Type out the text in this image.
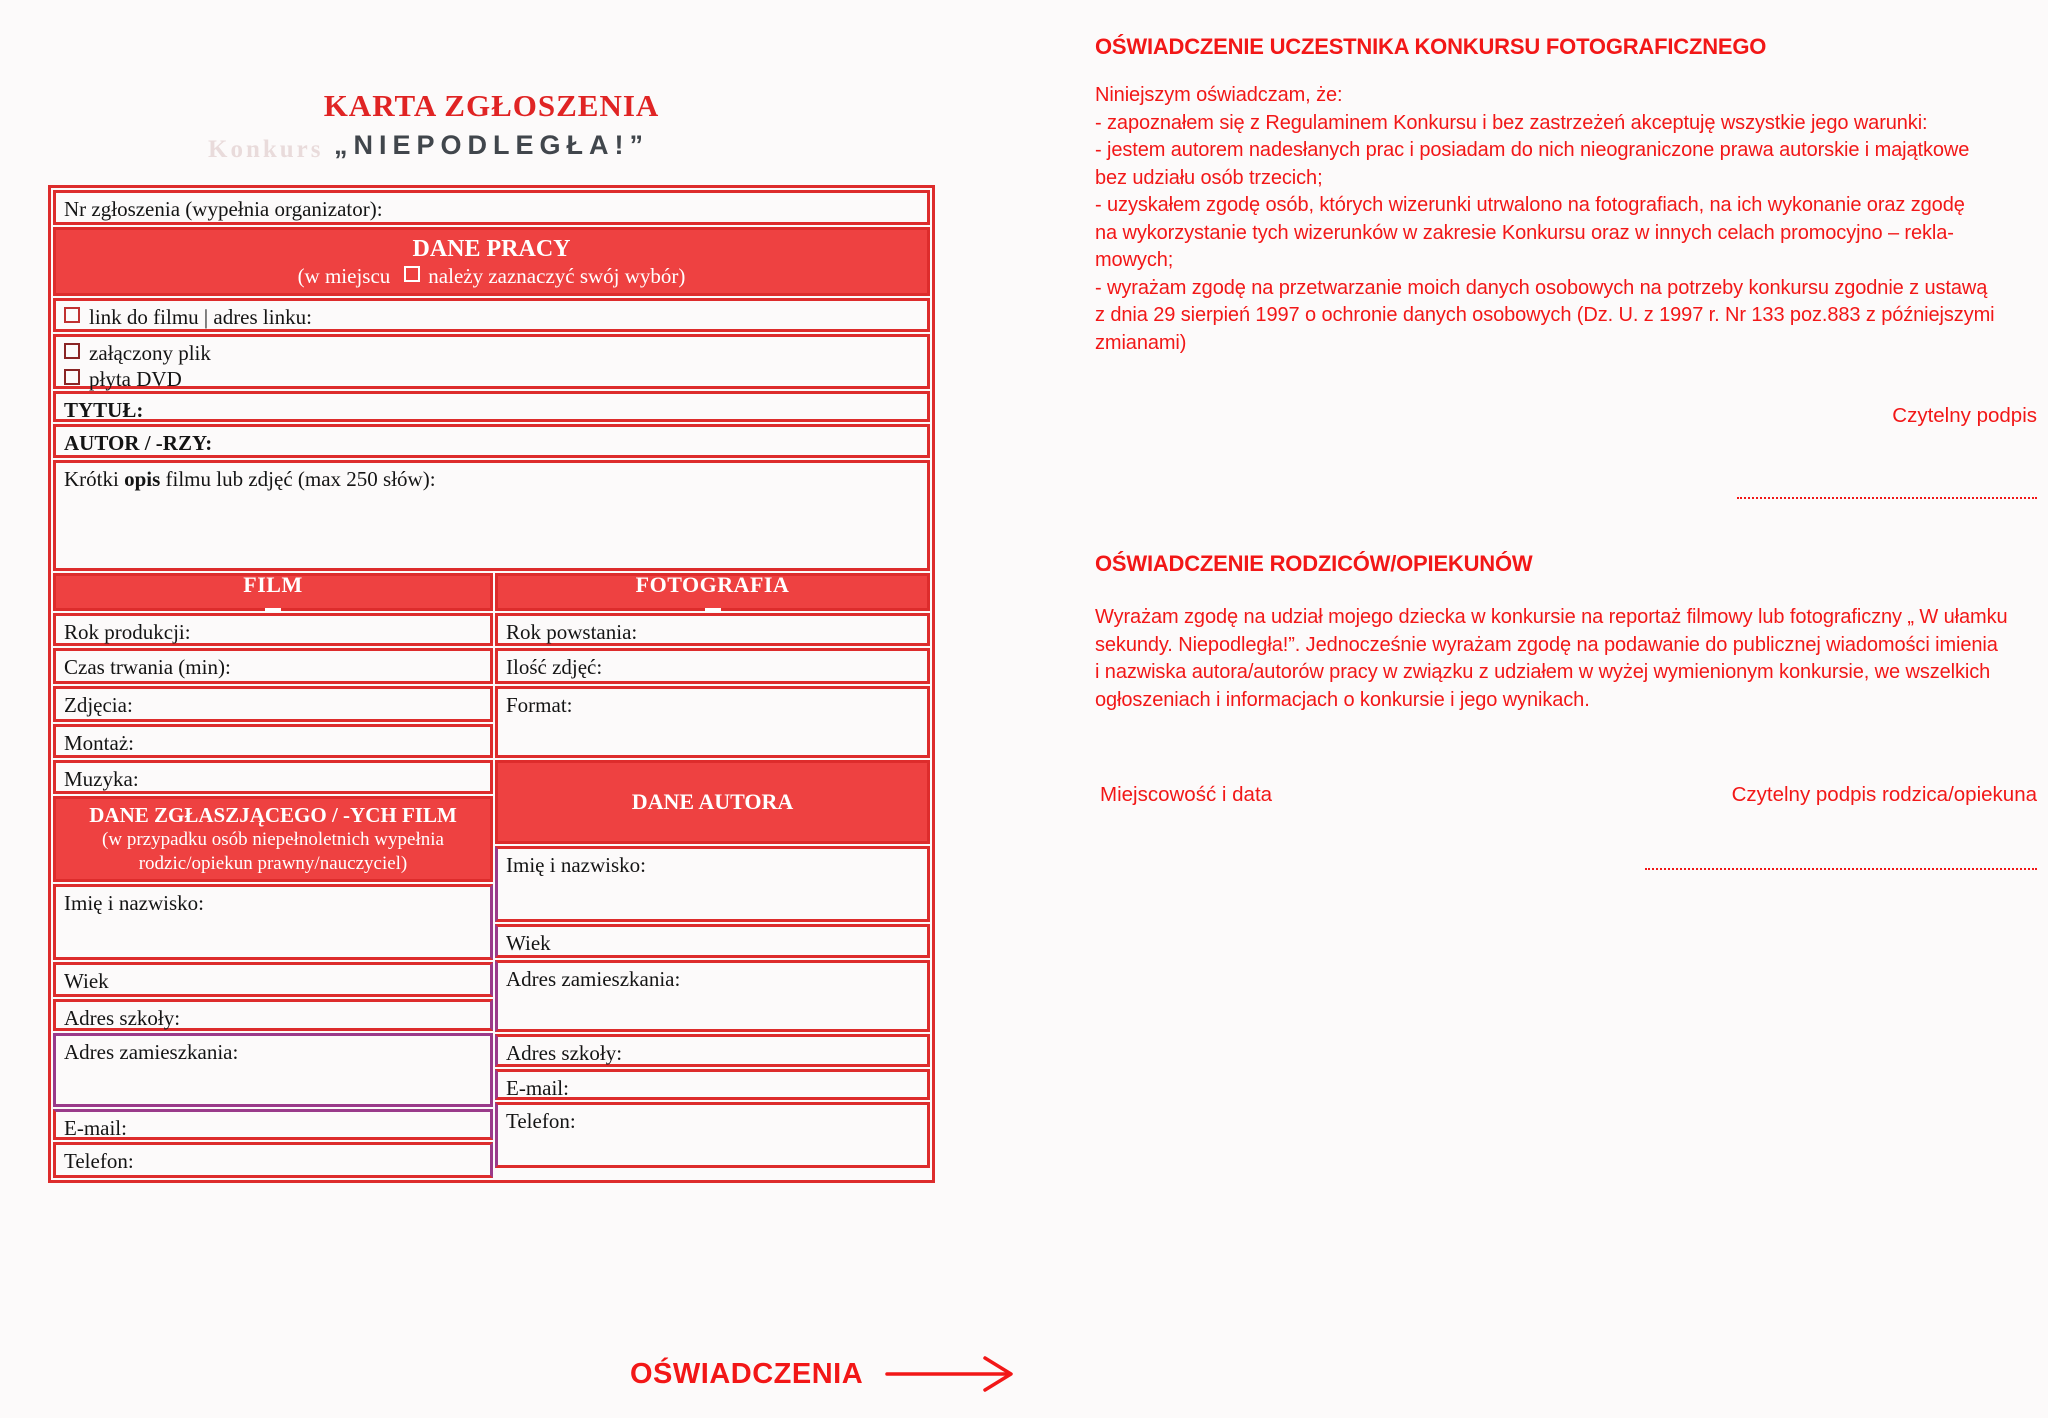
Konkurs
KARTA ZGŁOSZENIA
„NIEPODLEGŁA!”
Nr zgłoszenia (wypełnia organizator):
DANE PRACY
(w miejscu należy zaznaczyć swój wybór)
link do filmu | adres linku:
załączony plik
płyta DVD
TYTUŁ:
AUTOR / -RZY:
Krótki opis filmu lub zdjęć (max 250 słów):
FILM
Rok produkcji:
Czas trwania (min):
Zdjęcia:
Montaż:
Muzyka:
DANE ZGŁASZJĄCEGO / -YCH FILM
(w przypadku osób niepełnoletnich wypełnia
rodzic/opiekun prawny/nauczyciel)
Imię i nazwisko:
Wiek
Adres szkoły:
Adres zamieszkania:
E-mail:
Telefon:
FOTOGRAFIA
Rok powstania:
Ilość zdjęć:
Format:
DANE AUTORA
Imię i nazwisko:
Wiek
Adres zamieszkania:
Adres szkoły:
E-mail:
Telefon:
OŚWIADCZENIE UCZESTNIKA KONKURSU FOTOGRAFICZNEGO
Niniejszym oświadczam, że:
- zapoznałem się z Regulaminem Konkursu i bez zastrzeżeń akceptuję wszystkie jego warunki:
- jestem autorem nadesłanych prac i posiadam do nich nieograniczone prawa autorskie i majątkowe
bez udziału osób trzecich;
- uzyskałem zgodę osób, których wizerunki utrwalono na fotografiach, na ich wykonanie oraz zgodę
na wykorzystanie tych wizerunków w zakresie Konkursu oraz w innych celach promocyjno – rekla-
mowych;
- wyrażam zgodę na przetwarzanie moich danych osobowych na potrzeby konkursu zgodnie z ustawą
z dnia 29 sierpień 1997 o ochronie danych osobowych (Dz. U. z 1997 r. Nr 133 poz.883 z późniejszymi
zmianami)
Czytelny podpis
OŚWIADCZENIE RODZICÓW/OPIEKUNÓW
Wyrażam zgodę na udział mojego dziecka w konkursie na reportaż filmowy lub fotograficzny „ W ułamku
sekundy. Niepodległa!”. Jednocześnie wyrażam zgodę na podawanie do publicznej wiadomości imienia
i nazwiska autora/autorów pracy w związku z udziałem w wyżej wymienionym konkursie, we wszelkich
ogłoszeniach i informacjach o konkursie i jego wynikach.
Miejscowość i data	Czytelny podpis rodzica/opiekuna
OŚWIADCZENIA
